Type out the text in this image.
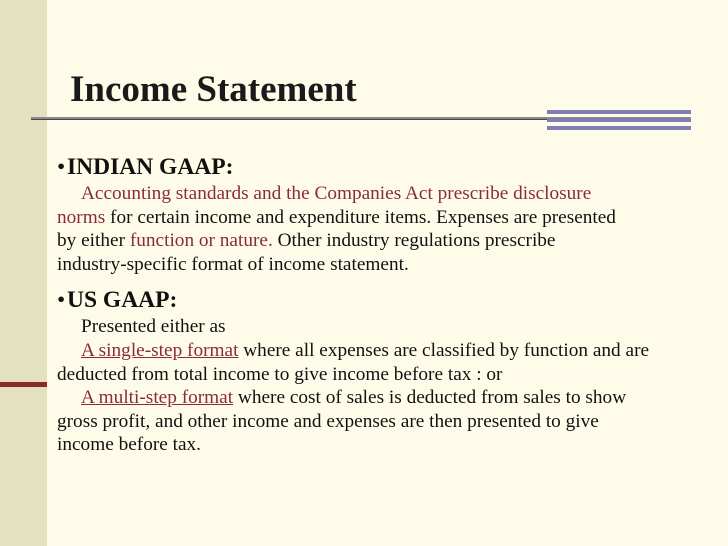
Income Statement
•INDIAN GAAP:

Accounting standards and the Companies Act prescribe disclosure

norms for certain income and expenditure items. Expenses are presented

by either function or nature. Other industry regulations prescribe

industry-specific format of income statement.

•US GAAP:

Presented either as

A single-step format where all expenses are classified by function and are

deducted from total income to give income before tax : or

A multi-step format where cost of sales is deducted from sales to show

gross profit, and other income and expenses are then presented to give

income before tax.
